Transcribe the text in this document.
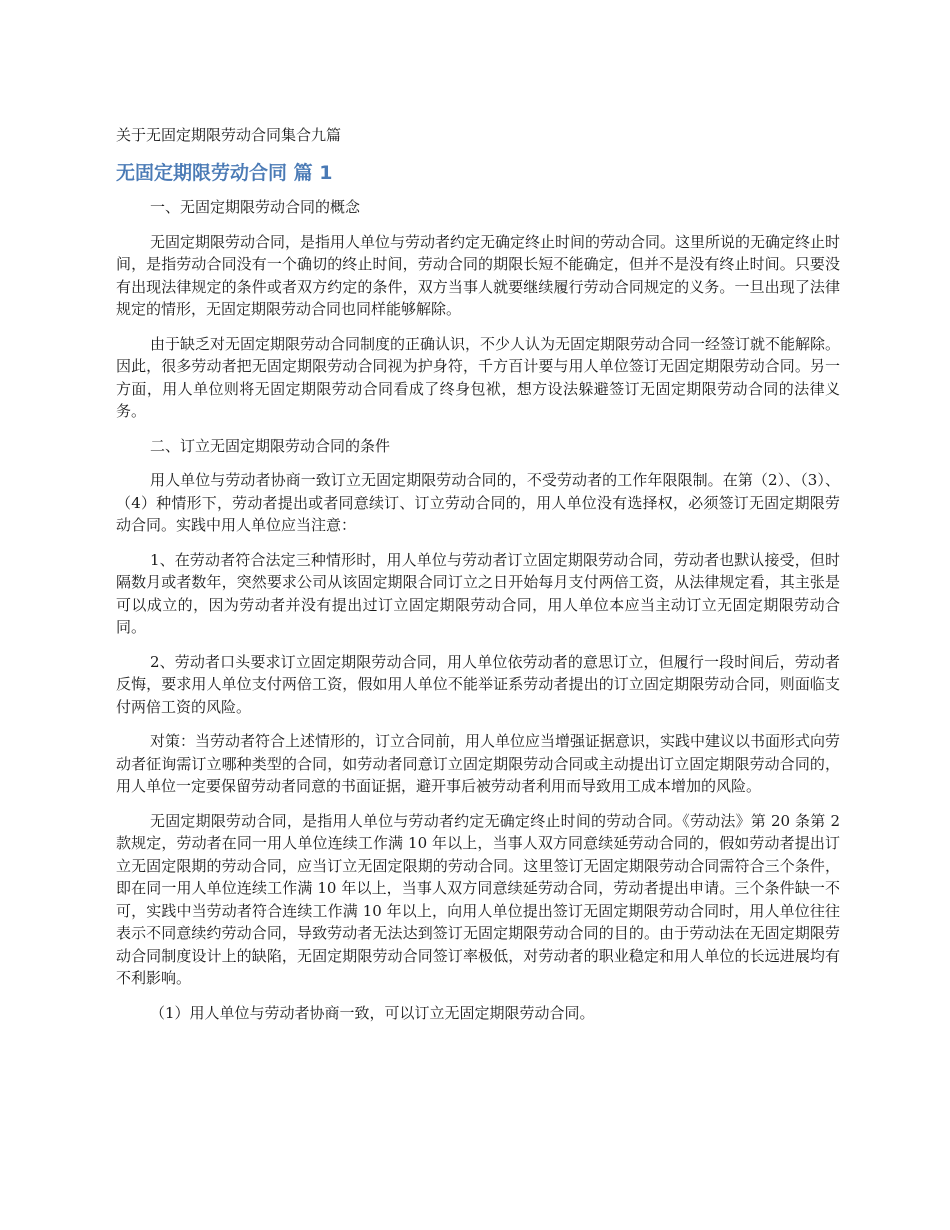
关于无固定期限劳动合同集合九篇
无固定期限劳动合同 篇 1

一、无固定期限劳动合同的概念

无固定期限劳动合同，是指用人单位与劳动者约定无确定终止时间的劳动合同。这里所说的无确定终止时间，是指劳动合同没有一个确切的终止时间，劳动合同的期限长短不能确定，但并不是没有终止时间。只要没有出现法律规定的条件或者双方约定的条件，双方当事人就要继续履行劳动合同规定的义务。一旦出现了法律规定的情形，无固定期限劳动合同也同样能够解除。

由于缺乏对无固定期限劳动合同制度的正确认识，不少人认为无固定期限劳动合同一经签订就不能解除。因此，很多劳动者把无固定期限劳动合同视为护身符，千方百计要与用人单位签订无固定期限劳动合同。另一方面，用人单位则将无固定期限劳动合同看成了终身包袱，想方设法躲避签订无固定期限劳动合同的法律义务。

二、订立无固定期限劳动合同的条件

用人单位与劳动者协商一致订立无固定期限劳动合同的，不受劳动者的工作年限限制。在第（2）、（3）、（4）种情形下，劳动者提出或者同意续订、订立劳动合同的，用人单位没有选择权，必须签订无固定期限劳动合同。实践中用人单位应当注意：

1、在劳动者符合法定三种情形时，用人单位与劳动者订立固定期限劳动合同，劳动者也默认接受，但时隔数月或者数年，突然要求公司从该固定期限合同订立之日开始每月支付两倍工资，从法律规定看，其主张是可以成立的，因为劳动者并没有提出过订立固定期限劳动合同，用人单位本应当主动订立无固定期限劳动合同。

2、劳动者口头要求订立固定期限劳动合同，用人单位依劳动者的意思订立，但履行一段时间后，劳动者反悔，要求用人单位支付两倍工资，假如用人单位不能举证系劳动者提出的订立固定期限劳动合同，则面临支付两倍工资的风险。

对策：当劳动者符合上述情形的，订立合同前，用人单位应当增强证据意识，实践中建议以书面形式向劳动者征询需订立哪种类型的合同，如劳动者同意订立固定期限劳动合同或主动提出订立固定期限劳动合同的，用人单位一定要保留劳动者同意的书面证据，避开事后被劳动者利用而导致用工成本增加的风险。

无固定期限劳动合同，是指用人单位与劳动者约定无确定终止时间的劳动合同。《劳动法》第 20 条第 2 款规定，劳动者在同一用人单位连续工作满 10 年以上，当事人双方同意续延劳动合同的，假如劳动者提出订立无固定限期的劳动合同，应当订立无固定限期的劳动合同。这里签订无固定期限劳动合同需符合三个条件，即在同一用人单位连续工作满 10 年以上，当事人双方同意续延劳动合同，劳动者提出申请。三个条件缺一不可，实践中当劳动者符合连续工作满 10 年以上，向用人单位提出签订无固定期限劳动合同时，用人单位往往表示不同意续约劳动合同，导致劳动者无法达到签订无固定期限劳动合同的目的。由于劳动法在无固定期限劳动合同制度设计上的缺陷，无固定期限劳动合同签订率极低，对劳动者的职业稳定和用人单位的长远进展均有不利影响。

（1）用人单位与劳动者协商一致，可以订立无固定期限劳动合同。
